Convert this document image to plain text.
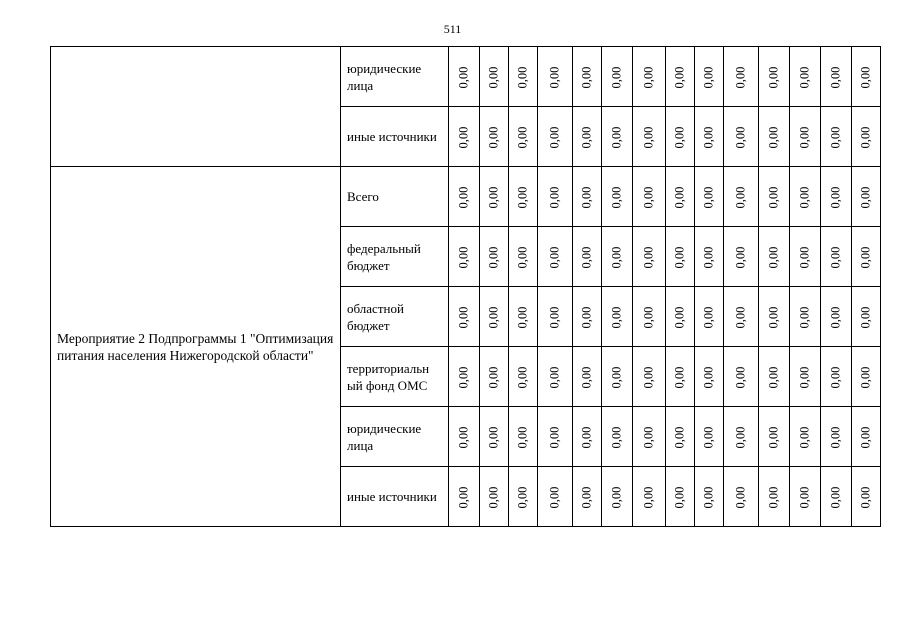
511
	юридические лица	0,00	0,00	0,00	0,00	0,00	0,00	0,00	0,00	0,00	0,00	0,00	0,00	0,00	0,00
	иные источники	0,00	0,00	0,00	0,00	0,00	0,00	0,00	0,00	0,00	0,00	0,00	0,00	0,00	0,00
Мероприятие 2 Подпрограммы 1 "Оптимизация питания населения Нижегородской области"	Всего	0,00	0,00	0,00	0,00	0,00	0,00	0,00	0,00	0,00	0,00	0,00	0,00	0,00	0,00
	федеральный бюджет	0,00	0,00	0,00	0,00	0,00	0,00	0,00	0,00	0,00	0,00	0,00	0,00	0,00	0,00
	областной бюджет	0,00	0,00	0,00	0,00	0,00	0,00	0,00	0,00	0,00	0,00	0,00	0,00	0,00	0,00
	территориальн ый фонд ОМС	0,00	0,00	0,00	0,00	0,00	0,00	0,00	0,00	0,00	0,00	0,00	0,00	0,00	0,00
	юридические лица	0,00	0,00	0,00	0,00	0,00	0,00	0,00	0,00	0,00	0,00	0,00	0,00	0,00	0,00
	иные источники	0,00	0,00	0,00	0,00	0,00	0,00	0,00	0,00	0,00	0,00	0,00	0,00	0,00	0,00
